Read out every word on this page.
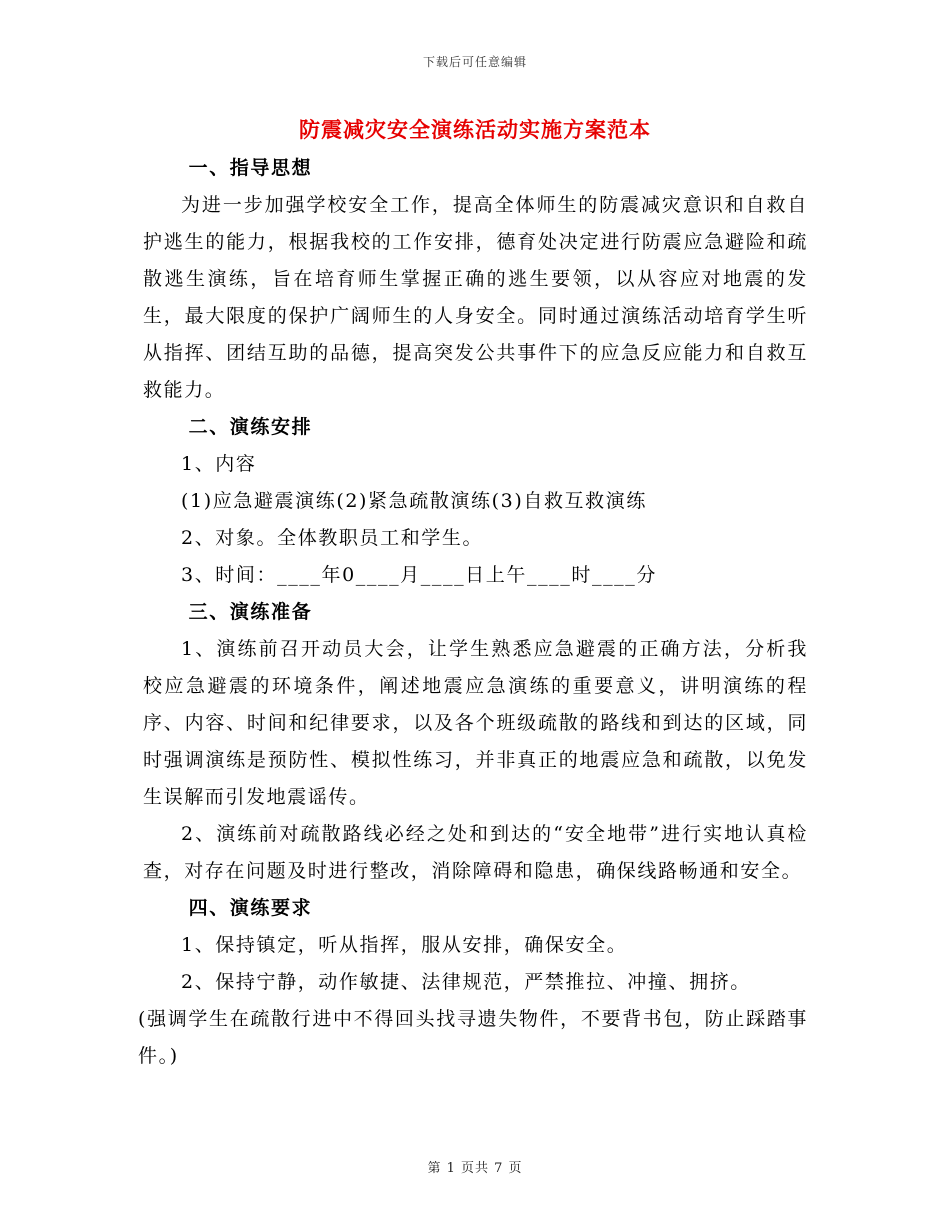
下载后可任意编辑
防震减灾安全演练活动实施方案范本

一、指导思想

为进一步加强学校安全工作，提高全体师生的防震减灾意识和自救自护逃生的能力，根据我校的工作安排，德育处决定进行防震应急避险和疏散逃生演练，旨在培育师生掌握正确的逃生要领，以从容应对地震的发生，最大限度的保护广阔师生的人身安全。同时通过演练活动培育学生听从指挥、团结互助的品德，提高突发公共事件下的应急反应能力和自救互救能力。

二、演练安排

1、内容

(1)应急避震演练(2)紧急疏散演练(3)自救互救演练

2、对象。全体教职员工和学生。

3、时间：____年0____月____日上午____时____分

三、演练准备

1、演练前召开动员大会，让学生熟悉应急避震的正确方法，分析我校应急避震的环境条件，阐述地震应急演练的重要意义，讲明演练的程序、内容、时间和纪律要求，以及各个班级疏散的路线和到达的区域，同时强调演练是预防性、模拟性练习，并非真正的地震应急和疏散，以免发生误解而引发地震谣传。

2、演练前对疏散路线必经之处和到达的“安全地带”进行实地认真检查，对存在问题及时进行整改，消除障碍和隐患，确保线路畅通和安全。

四、演练要求

1、保持镇定，听从指挥，服从安排，确保安全。

2、保持宁静，动作敏捷、法律规范，严禁推拉、冲撞、拥挤。

(强调学生在疏散行进中不得回头找寻遗失物件，不要背书包，防止踩踏事件。)

第 1 页共 7 页
